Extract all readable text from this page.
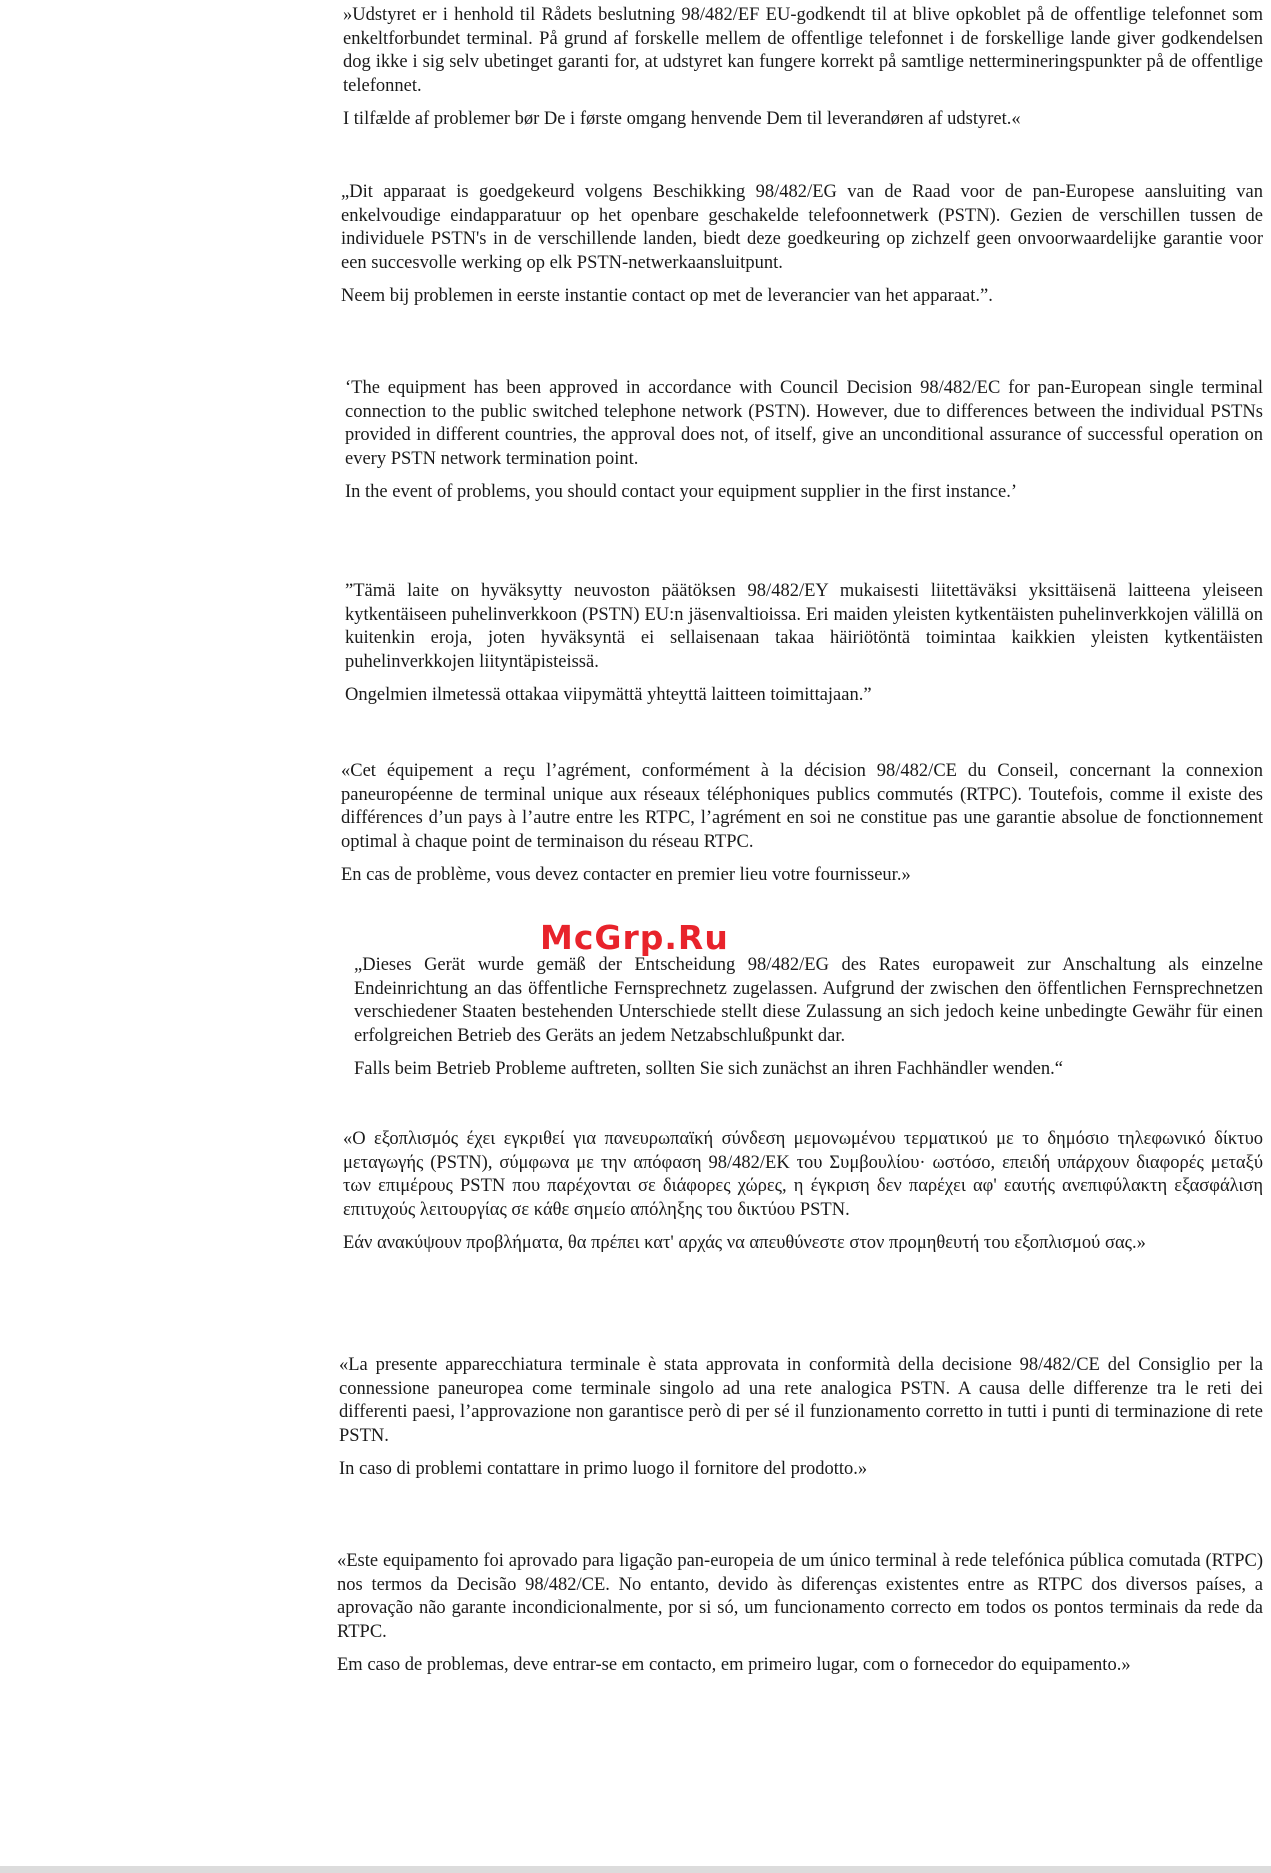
»Udstyret er i henhold til Rådets beslutning 98/482/EF EU-godkendt til at blive opkoblet på de offentlige telefonnet som enkeltforbundet terminal. På grund af forskelle mellem de offentlige telefonnet i de forskellige lande giver godkendelsen dog ikke i sig selv ubetinget garanti for, at udstyret kan fungere korrekt på samtlige nettermineringspunkter på de offentlige telefonnet.

I tilfælde af problemer bør De i første omgang henvende Dem til leverandøren af udstyret.«

„Dit apparaat is goedgekeurd volgens Beschikking 98/482/EG van de Raad voor de pan-Europese aansluiting van enkelvoudige eindapparatuur op het openbare geschakelde telefoonnetwerk (PSTN). Gezien de verschillen tussen de individuele PSTN's in de verschillende landen, biedt deze goedkeuring op zichzelf geen onvoorwaardelijke garantie voor een succesvolle werking op elk PSTN-netwerkaansluitpunt.

Neem bij problemen in eerste instantie contact op met de leverancier van het apparaat.”.

‘The equipment has been approved in accordance with Council Decision 98/482/EC for pan-European single terminal connection to the public switched telephone network (PSTN). However, due to differences between the individual PSTNs provided in different countries, the approval does not, of itself, give an unconditional assurance of successful operation on every PSTN network termination point.

In the event of problems, you should contact your equipment supplier in the first instance.’

”Tämä laite on hyväksytty neuvoston päätöksen 98/482/EY mukaisesti liitettäväksi yksittäisenä laitteena yleiseen kytkentäiseen puhelinverkkoon (PSTN) EU:n jäsenvaltioissa. Eri maiden yleisten kytkentäisten puhelinverkkojen välillä on kuitenkin eroja, joten hyväksyntä ei sellaisenaan takaa häiriötöntä toimintaa kaikkien yleisten kytkentäisten puhelinverkkojen liityntäpisteissä.

Ongelmien ilmetessä ottakaa viipymättä yhteyttä laitteen toimittajaan.”

«Cet équipement a reçu l’agrément, conformément à la décision 98/482/CE du Conseil, concernant la connexion paneuropéenne de terminal unique aux réseaux téléphoniques publics commutés (RTPC). Toutefois, comme il existe des différences d’un pays à l’autre entre les RTPC, l’agrément en soi ne constitue pas une garantie absolue de fonctionnement optimal à chaque point de terminaison du réseau RTPC.

En cas de problème, vous devez contacter en premier lieu votre fournisseur.»

McGrp.Ru

„Dieses Gerät wurde gemäß der Entscheidung 98/482/EG des Rates europaweit zur Anschaltung als einzelne Endeinrichtung an das öffentliche Fernsprechnetz zugelassen. Aufgrund der zwischen den öffentlichen Fernsprechnetzen verschiedener Staaten bestehenden Unterschiede stellt diese Zulassung an sich jedoch keine unbedingte Gewähr für einen erfolgreichen Betrieb des Geräts an jedem Netzabschlußpunkt dar.

Falls beim Betrieb Probleme auftreten, sollten Sie sich zunächst an ihren Fachhändler wenden.“

«Ο εξοπλισμός έχει εγκριθεί για πανευρωπαϊκή σύνδεση μεμονωμένου τερματικού με το δημόσιο τηλεφωνικό δίκτυο μεταγωγής (PSTN), σύμφωνα με την απόφαση 98/482/ΕΚ του Συμβουλίου· ωστόσο, επειδή υπάρχουν διαφορές μεταξύ των επιμέρους PSTN που παρέχονται σε διάφορες χώρες, η έγκριση δεν παρέχει αφ' εαυτής ανεπιφύλακτη εξασφάλιση επιτυχούς λειτουργίας σε κάθε σημείο απόληξης του δικτύου PSTN.

Εάν ανακύψουν προβλήματα, θα πρέπει κατ' αρχάς να απευθύνεστε στον προμηθευτή του εξοπλισμού σας.»

«La presente apparecchiatura terminale è stata approvata in conformità della decisione 98/482/CE del Consiglio per la connessione paneuropea come terminale singolo ad una rete analogica PSTN. A causa delle differenze tra le reti dei differenti paesi, l’approvazione non garantisce però di per sé il funzionamento corretto in tutti i punti di terminazione di rete PSTN.

In caso di problemi contattare in primo luogo il fornitore del prodotto.»

«Este equipamento foi aprovado para ligação pan-europeia de um único terminal à rede telefónica pública comutada (RTPC) nos termos da Decisão 98/482/CE. No entanto, devido às diferenças existentes entre as RTPC dos diversos países, a aprovação não garante incondicionalmente, por si só, um funcionamento correcto em todos os pontos terminais da rede da RTPC.

Em caso de problemas, deve entrar-se em contacto, em primeiro lugar, com o fornecedor do equipamento.»
